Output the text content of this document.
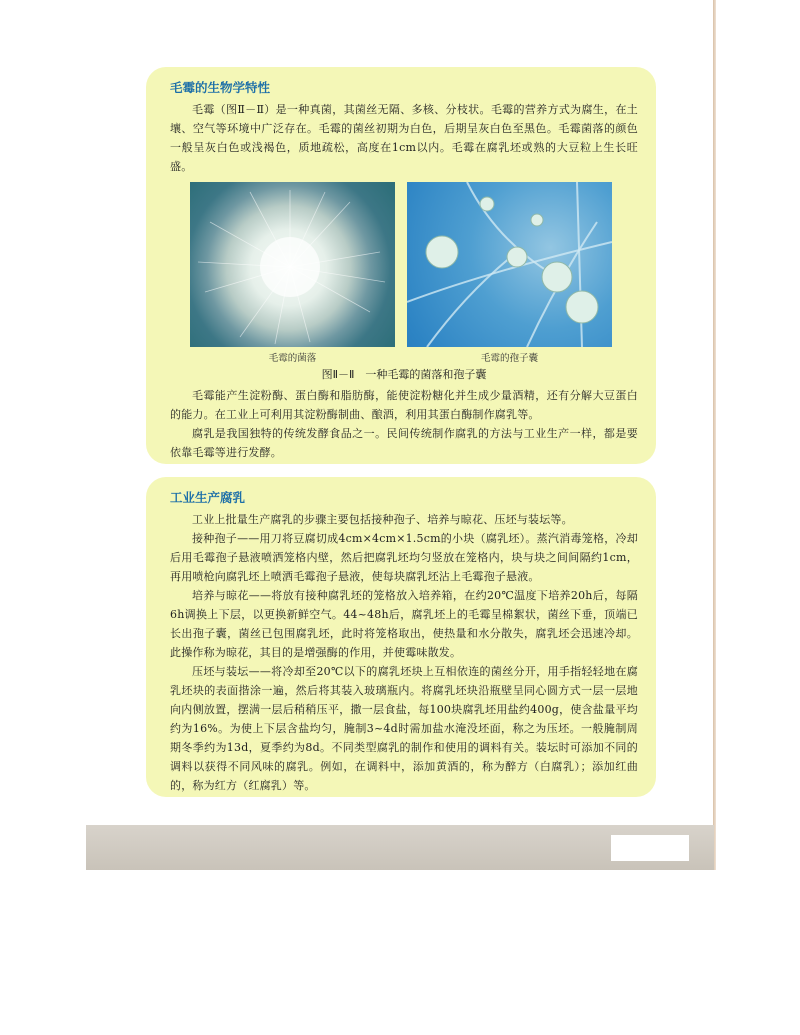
毛霉的生物学特性

毛霉（图Ⅱ－Ⅱ）是一种真菌，其菌丝无隔、多核、分枝状。毛霉的营养方式为腐生，在土壤、空气等环境中广泛存在。毛霉的菌丝初期为白色，后期呈灰白色至黑色。毛霉菌落的颜色一般呈灰白色或浅褐色，质地疏松，高度在1cm以内。毛霉在腐乳坯或熟的大豆粒上生长旺盛。

毛霉的菌落	毛霉的孢子囊
图Ⅱ－Ⅱ　一种毛霉的菌落和孢子囊

毛霉能产生淀粉酶、蛋白酶和脂肪酶，能使淀粉糖化并生成少量酒精，还有分解大豆蛋白的能力。在工业上可利用其淀粉酶制曲、酿酒，利用其蛋白酶制作腐乳等。

腐乳是我国独特的传统发酵食品之一。民间传统制作腐乳的方法与工业生产一样，都是要依靠毛霉等进行发酵。

工业生产腐乳

工业上批量生产腐乳的步骤主要包括接种孢子、培养与晾花、压坯与装坛等。

接种孢子——用刀将豆腐切成4cm×4cm×1.5cm的小块（腐乳坯）。蒸汽消毒笼格，冷却后用毛霉孢子悬液喷洒笼格内壁，然后把腐乳坯均匀竖放在笼格内，块与块之间间隔约1cm，再用喷枪向腐乳坯上喷洒毛霉孢子悬液，使每块腐乳坯沾上毛霉孢子悬液。

培养与晾花——将放有接种腐乳坯的笼格放入培养箱，在约20℃温度下培养20h后，每隔6h调换上下层，以更换新鲜空气。44~48h后，腐乳坯上的毛霉呈棉絮状，菌丝下垂，顶端已长出孢子囊，菌丝已包围腐乳坯，此时将笼格取出，使热量和水分散失，腐乳坯会迅速冷却。此操作称为晾花，其目的是增强酶的作用，并使霉味散发。

压坯与装坛——将冷却至20℃以下的腐乳坯块上互相依连的菌丝分开，用手指轻轻地在腐乳坯块的表面揩涂一遍，然后将其装入玻璃瓶内。将腐乳坯块沿瓶壁呈同心圆方式一层一层地向内侧放置，摆满一层后稍稍压平，撒一层食盐，每100块腐乳坯用盐约400g，使含盐量平均约为16%。为使上下层含盐均匀，腌制3~4d时需加盐水淹没坯面，称之为压坯。一般腌制周期冬季约为13d，夏季约为8d。不同类型腐乳的制作和使用的调料有关。装坛时可添加不同的调料以获得不同风味的腐乳。例如，在调料中，添加黄酒的，称为醉方（白腐乳）；添加红曲的，称为红方（红腐乳）等。
